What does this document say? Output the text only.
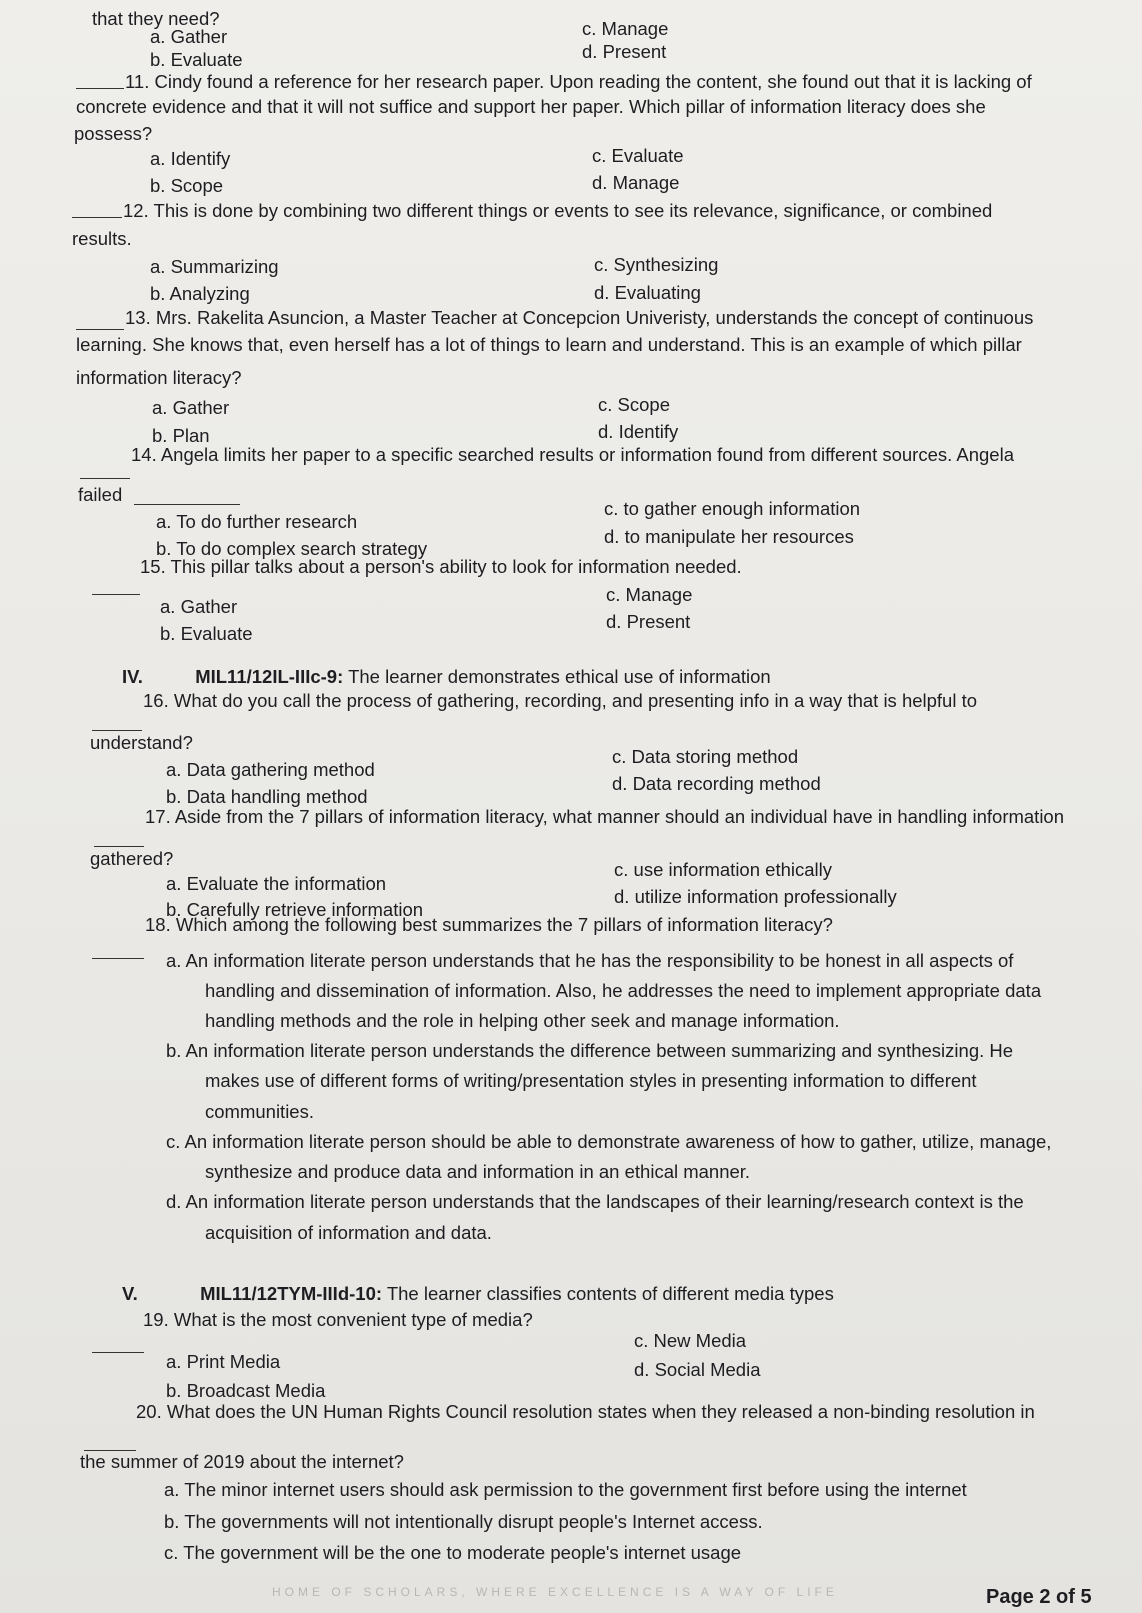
that they need?
a. Gather
b. Evaluate
c. Manage
d. Present
11. Cindy found a reference for her research paper. Upon reading the content, she found out that it is lacking of
concrete evidence and that it will not suffice and support her paper. Which pillar of information literacy does she
possess?
a. Identify
b. Scope
c. Evaluate
d. Manage
12. This is done by combining two different things or events to see its relevance, significance, or combined
results.
a. Summarizing
b. Analyzing
c. Synthesizing
d. Evaluating
13. Mrs. Rakelita Asuncion, a Master Teacher at Concepcion Univeristy, understands the concept of continuous
learning. She knows that, even herself has a lot of things to learn and understand. This is an example of which pillar
information literacy?
a. Gather
b. Plan
c. Scope
d. Identify
14. Angela limits her paper to a specific searched results or information found from different sources. Angela
failed
a. To do further research
b. To do complex search strategy
c. to gather enough information
d. to manipulate her resources
15. This pillar talks about a person's ability to look for information needed.
a. Gather
b. Evaluate
c. Manage
d. Present
IV.	MIL11/12IL-IIIc-9: The learner demonstrates ethical use of information
16. What do you call the process of gathering, recording, and presenting info in a way that is helpful to
understand?
a. Data gathering method
b. Data handling method
c. Data storing method
d. Data recording method
17. Aside from the 7 pillars of information literacy, what manner should an individual have in handling information
gathered?
a. Evaluate the information
b. Carefully retrieve information
c. use information ethically
d. utilize information professionally
18. Which among the following best summarizes the 7 pillars of information literacy?
a. An information literate person understands that he has the responsibility to be honest in all aspects of
handling and dissemination of information. Also, he addresses the need to implement appropriate data
handling methods and the role in helping other seek and manage information.
b. An information literate person understands the difference between summarizing and synthesizing. He
makes use of different forms of writing/presentation styles in presenting information to different
communities.
c. An information literate person should be able to demonstrate awareness of how to gather, utilize, manage,
synthesize and produce data and information in an ethical manner.
d. An information literate person understands that the landscapes of their learning/research context is the
acquisition of information and data.
V.	MIL11/12TYM-IIId-10: The learner classifies contents of different media types
19. What is the most convenient type of media?
a. Print Media
b. Broadcast Media
c. New Media
d. Social Media
20. What does the UN Human Rights Council resolution states when they released a non-binding resolution in
the summer of 2019 about the internet?
a. The minor internet users should ask permission to the government first before using the internet
b. The governments will not intentionally disrupt people's Internet access.
c. The government will be the one to moderate people's internet usage
HOME OF SCHOLARS, WHERE EXCELLENCE IS A WAY OF LIFE	Page 2 of 5
